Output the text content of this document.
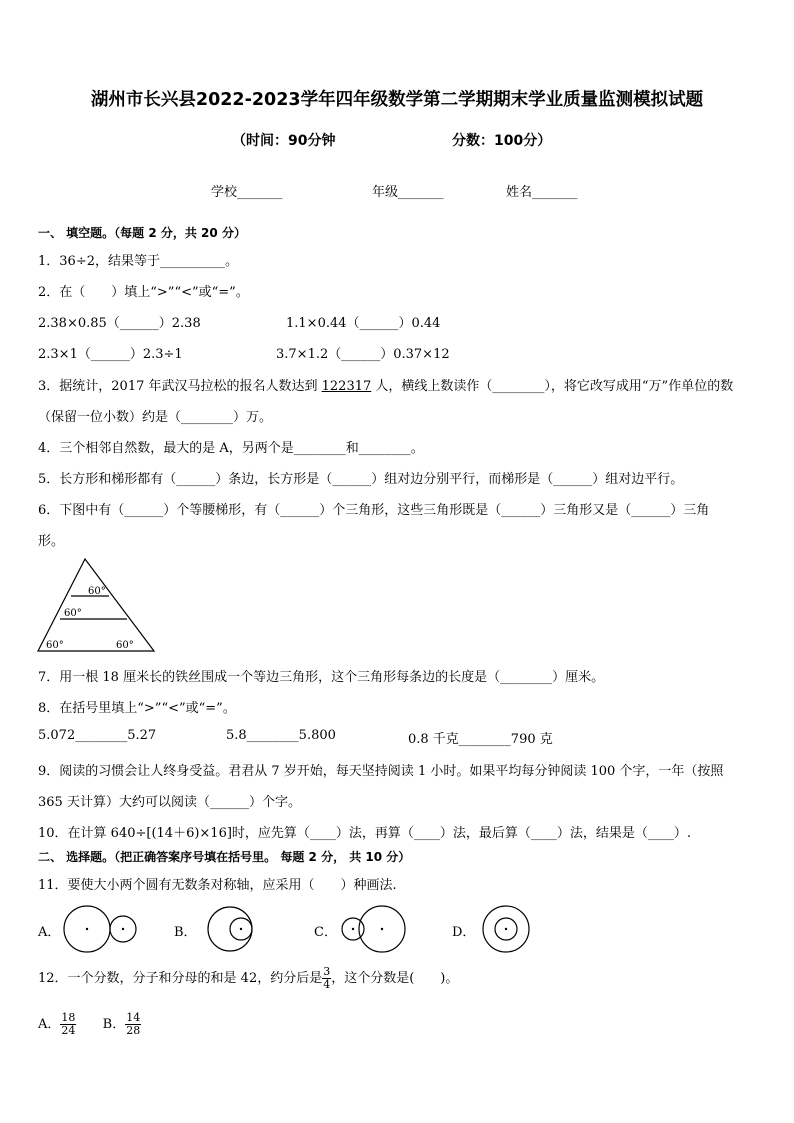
湖州市长兴县2022-2023学年四年级数学第二学期期末学业质量监测模拟试题
（时间：90分钟	分数：100分）
学校_______	年级_______	姓名_______
一、 填空题。（每题 2 分，共 20 分）
1．36÷2，结果等于__________。
2．在（　　）填上“>”“<”或“=”。
2.38×0.85（______）2.38	1.1×0.44（______）0.44
2.3×1（______）2.3÷1	3.7×1.2（______）0.37×12
3．据统计，2017 年武汉马拉松的报名人数达到 122317 人，横线上数读作（________），将它改写成用“万”作单位的数
（保留一位小数）约是（________）万。
4．三个相邻自然数，最大的是 A，另两个是________和________。
5．长方形和梯形都有（______）条边，长方形是（______）组对边分别平行，而梯形是（______）组对边平行。
6．下图中有（______）个等腰梯形，有（______）个三角形，这些三角形既是（______）三角形又是（______）三角
形。
60°
60°
60°	60°
7．用一根 18 厘米长的铁丝围成一个等边三角形，这个三角形每条边的长度是（________）厘米。
8．在括号里填上“>”“<”或“=”。
5.072________5.27	5.8________5.800	0.8 千克________790 克
9．阅读的习惯会让人终身受益。君君从 7 岁开始，每天坚持阅读 1 小时。如果平均每分钟阅读 100 个字，一年（按照
365 天计算）大约可以阅读（______）个字。
10．在计算 640÷[(14＋6)×16]时，应先算（____）法，再算（____）法，最后算（____）法，结果是（____）.
二、 选择题。（把正确答案序号填在括号里。 每题 2 分， 共 10 分）
11．要使大小两个圆有无数条对称轴，应采用（　　）种画法.
A．	B．	C．	D．
12．一个分数，分子和分母的和是 42，约分后是 $\frac{3}{4}$ ，这个分数是(　　)。
A． $\frac{18}{24}$ B． $\frac{14}{28}$
